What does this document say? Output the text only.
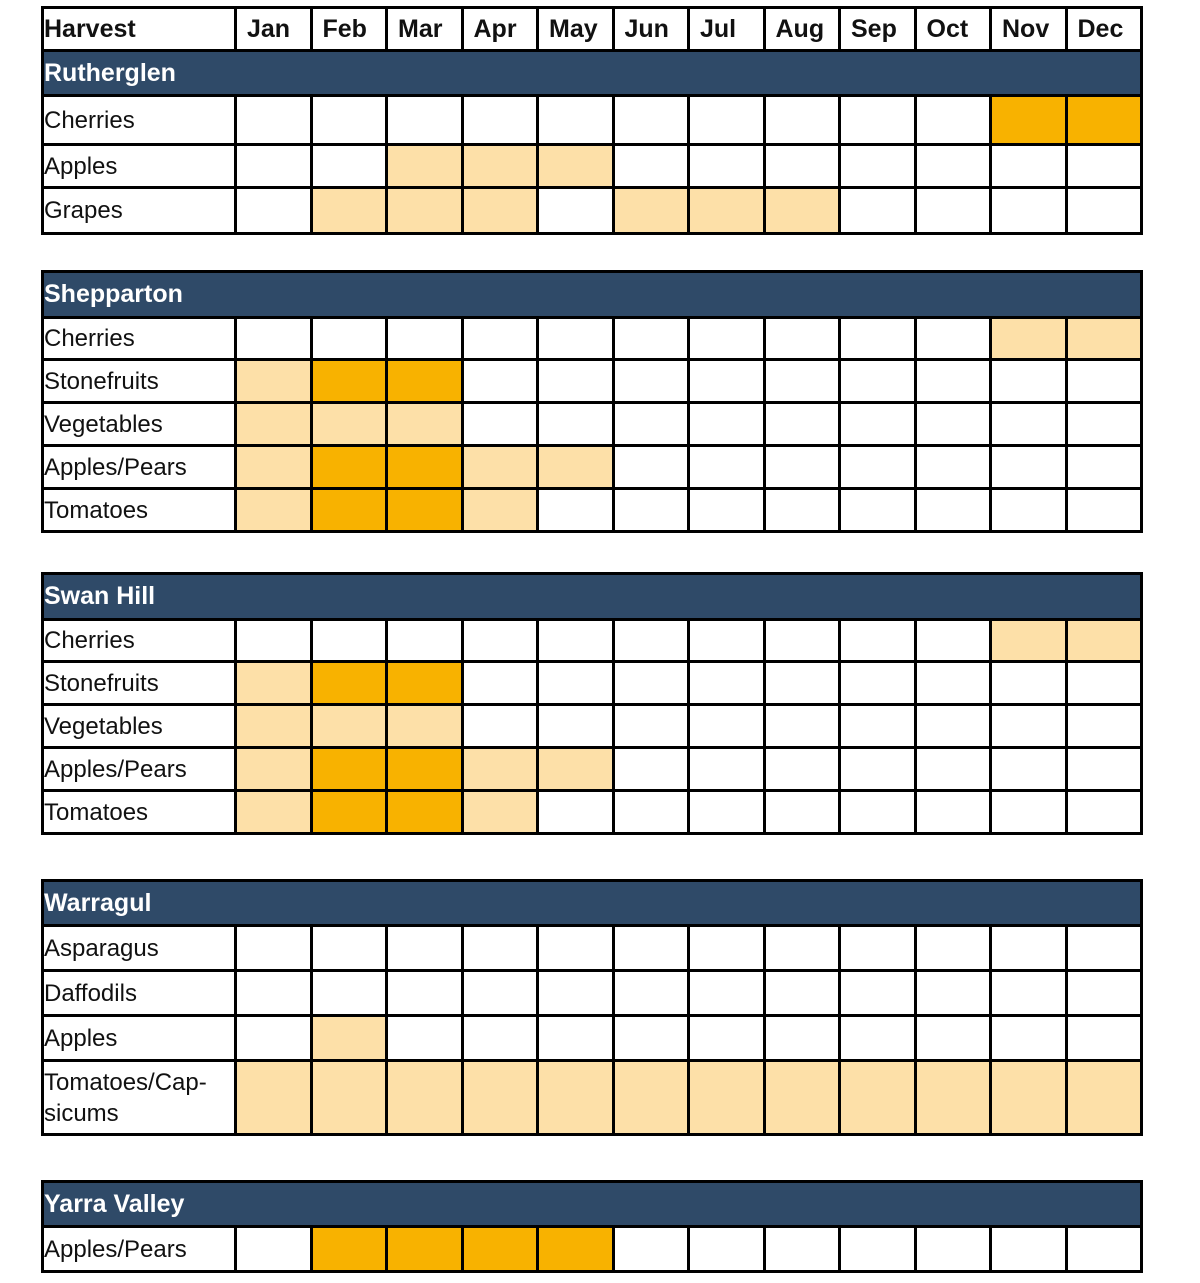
Harvest	Jan	Feb	Mar	Apr	May	Jun	Jul	Aug	Sep	Oct	Nov	Dec
Rutherglen												
Cherries												
Apples												
Grapes												
Shepparton												
Cherries												
Stonefruits												
Vegetables												
Apples/Pears												
Tomatoes												
Swan Hill												
Cherries												
Stonefruits												
Vegetables												
Apples/Pears												
Tomatoes												
Warragul												
Asparagus												
Daffodils												
Apples												
Tomatoes/Cap-
sicums												
Yarra Valley
Apples/Pears												
